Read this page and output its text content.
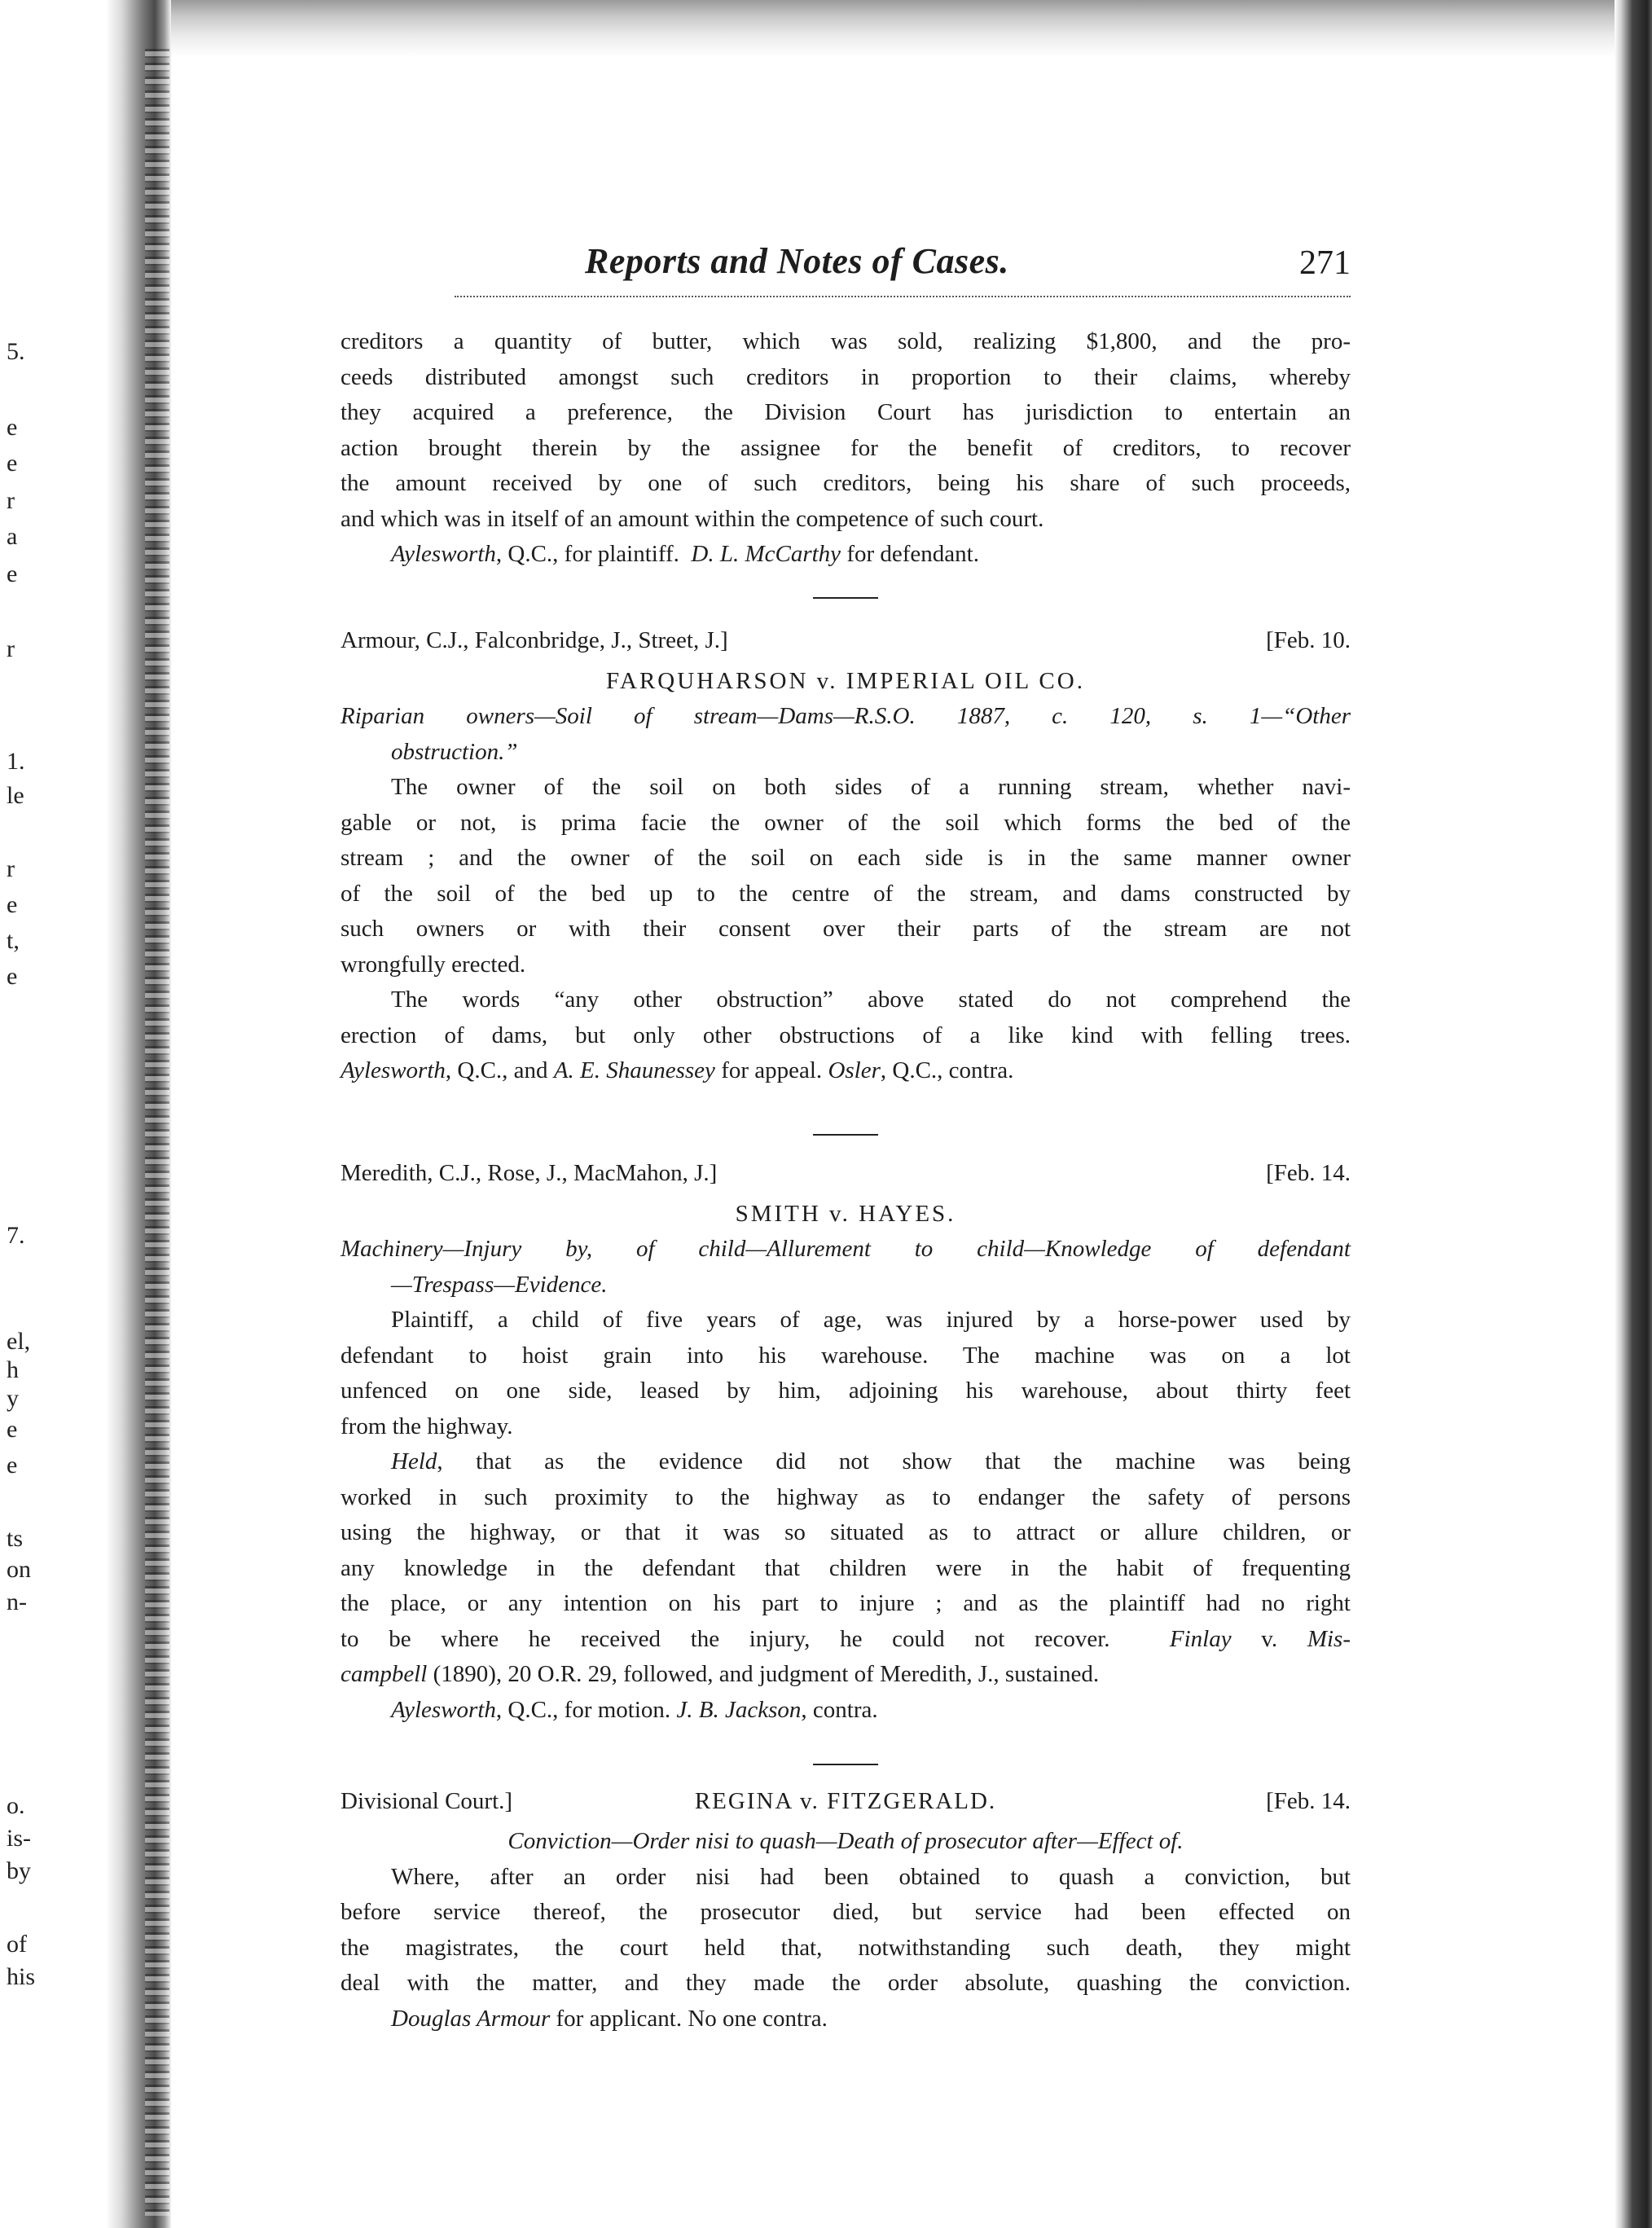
5.
e
e
r
a
e
r
1.
le
r
e
t,
e
7.
el,
h
y
e
e
ts
on
n-
o.
is-
by
of
his
Reports and Notes of Cases.	271

creditors a quantity of butter, which was sold, realizing $1,800, and the pro-

ceeds distributed amongst such creditors in proportion to their claims, whereby

they acquired a preference, the Division Court has jurisdiction to entertain an

action brought therein by the assignee for the benefit of creditors, to recover

the amount received by one of such creditors, being his share of such proceeds,

and which was in itself of an amount within the competence of such court.

Aylesworth, Q.C., for plaintiff. D. L. McCarthy for defendant.

Armour, C.J., Falconbridge, J., Street, J.]	[Feb. 10.
FARQUHARSON v. IMPERIAL OIL CO.

Riparian owners—Soil of stream—Dams—R.S.O. 1887, c. 120, s. 1—“Other

obstruction.”

The owner of the soil on both sides of a running stream, whether navi-

gable or not, is prima facie the owner of the soil which forms the bed of the

stream ; and the owner of the soil on each side is in the same manner owner

of the soil of the bed up to the centre of the stream, and dams constructed by

such owners or with their consent over their parts of the stream are not

wrongfully erected.

The words “any other obstruction” above stated do not comprehend the

erection of dams, but only other obstructions of a like kind with felling trees.

Aylesworth, Q.C., and A. E. Shaunessey for appeal. Osler, Q.C., contra.

Meredith, C.J., Rose, J., MacMahon, J.]	[Feb. 14.
SMITH v. HAYES.

Machinery—Injury by, of child—Allurement to child—Knowledge of defendant

—Trespass—Evidence.

Plaintiff, a child of five years of age, was injured by a horse-power used by

defendant to hoist grain into his warehouse. The machine was on a lot

unfenced on one side, leased by him, adjoining his warehouse, about thirty feet

from the highway.

Held, that as the evidence did not show that the machine was being

worked in such proximity to the highway as to endanger the safety of persons

using the highway, or that it was so situated as to attract or allure children, or

any knowledge in the defendant that children were in the habit of frequenting

the place, or any intention on his part to injure ; and as the plaintiff had no right

to be where he received the injury, he could not recover.	Finlay v. Mis-

campbell (1890), 20 O.R. 29, followed, and judgment of Meredith, J., sustained.

Aylesworth, Q.C., for motion. J. B. Jackson, contra.

Divisional Court.]	REGINA v. FITZGERALD.	[Feb. 14.

Conviction—Order nisi to quash—Death of prosecutor after—Effect of.

Where, after an order nisi had been obtained to quash a conviction, but

before service thereof, the prosecutor died, but service had been effected on

the magistrates, the court held that, notwithstanding such death, they might

deal with the matter, and they made the order absolute, quashing the conviction.

Douglas Armour for applicant. No one contra.
